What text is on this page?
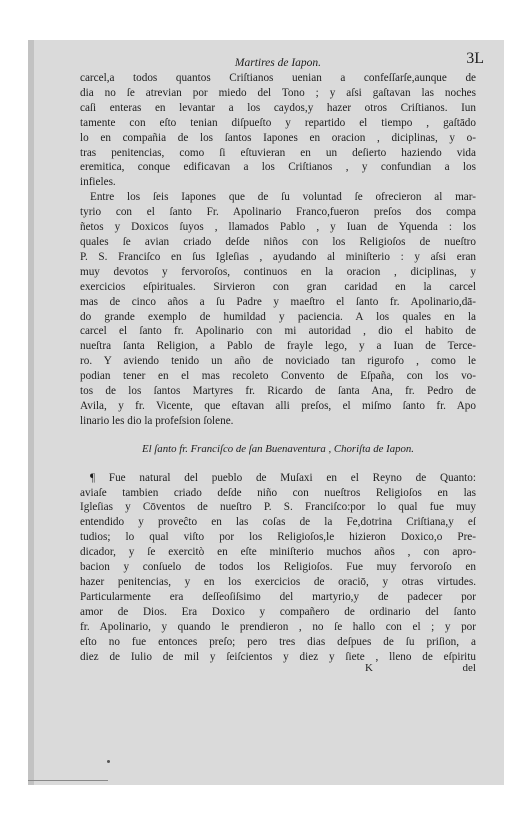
Martires de Iapon.	3L

carcel,a todos quantos Criſtianos uenian a confeſſarſe,aunque de

dia no ſe atrevian por miedo del Tono ; y aſsi gaſtavan las noches

caſi enteras en levantar a los caydos,y hazer otros Criſtianos. Iun

tamente con eſto tenian diſpueſto y repartido el tiempo , gaſtādo

lo en compañia de los ſantos Iapones en oracion , diciplinas, y o-

tras penitencias, como ſi eſtuvieran en un deſierto haziendo vida

eremitica, conque edificavan a los Criſtianos , y confundian a los

infieles.

Entre los ſeis Iapones que de ſu voluntad ſe ofrecieron al mar-

tyrio con el ſanto Fr. Apolinario Franco,fueron preſos dos compa

ñetos y Doxicos ſuyos , llamados Pablo , y Iuan de Yquenda : los

quales ſe avian criado deſde niños con los Religioſos de nueſtro

P. S. Franciſco en ſus Igleſias , ayudando al miniſterio : y aſsi eran

muy devotos y fervoroſos, continuos en la oracion , diciplinas, y

exercicios eſpirituales. Sirvieron con gran caridad en la carcel

mas de cinco años a ſu Padre y maeſtro el ſanto fr. Apolinario,dā-

do grande exemplo de humildad y paciencia. A los quales en la

carcel el ſanto fr. Apolinario con mi autoridad , dio el habito de

nueſtra ſanta Religion, a Pablo de frayle lego, y a Iuan de Terce-

ro. Y aviendo tenido un año de noviciado tan rigurofo , como le

podian tener en el mas recoleto Convento de Eſpaña, con los vo-

tos de los ſantos Martyres fr. Ricardo de ſanta Ana, fr. Pedro de

Avila, y fr. Vicente, que eſtavan alli preſos, el miſmo ſanto fr. Apo

linario les dio la profeſsion ſolene.

El ſanto fr. Franciſco de ſan Buenaventura , Choriſta de Iapon.

¶ Fue natural del pueblo de Muſaxi en el Reyno de Quanto:

aviaſe tambien criado deſde niño con nueſtros Religioſos en las

Igleſias y Cōventos de nueſtro P. S. Franciſco:por lo qual fue muy

entendido y proveĉto en las coſas de la Fe,dotrina Criſtiana,y eſ

tudios; lo qual viſto por los Religioſos,le hizieron Doxico,o Pre-

dicador, y ſe exercitò en eſte miniſterio muchos años , con apro-

bacion y conſuelo de todos los Religioſos. Fue muy fervoroſo en

hazer penitencias, y en los exercicios de oraciō, y otras virtudes.

Particularmente era deſſeoſiſsimo del martyrio,y de padecer por

amor de Dios. Era Doxico y compañero de ordinario del ſanto

fr. Apolinario, y quando le prendieron , no ſe hallo con el ; y por

eſto no fue entonces preſo; pero tres dias deſpues de ſu priſion, a

diez de Iulio de mil y ſeiſcientos y diez y ſiete , lleno de eſpiritu

K	del
